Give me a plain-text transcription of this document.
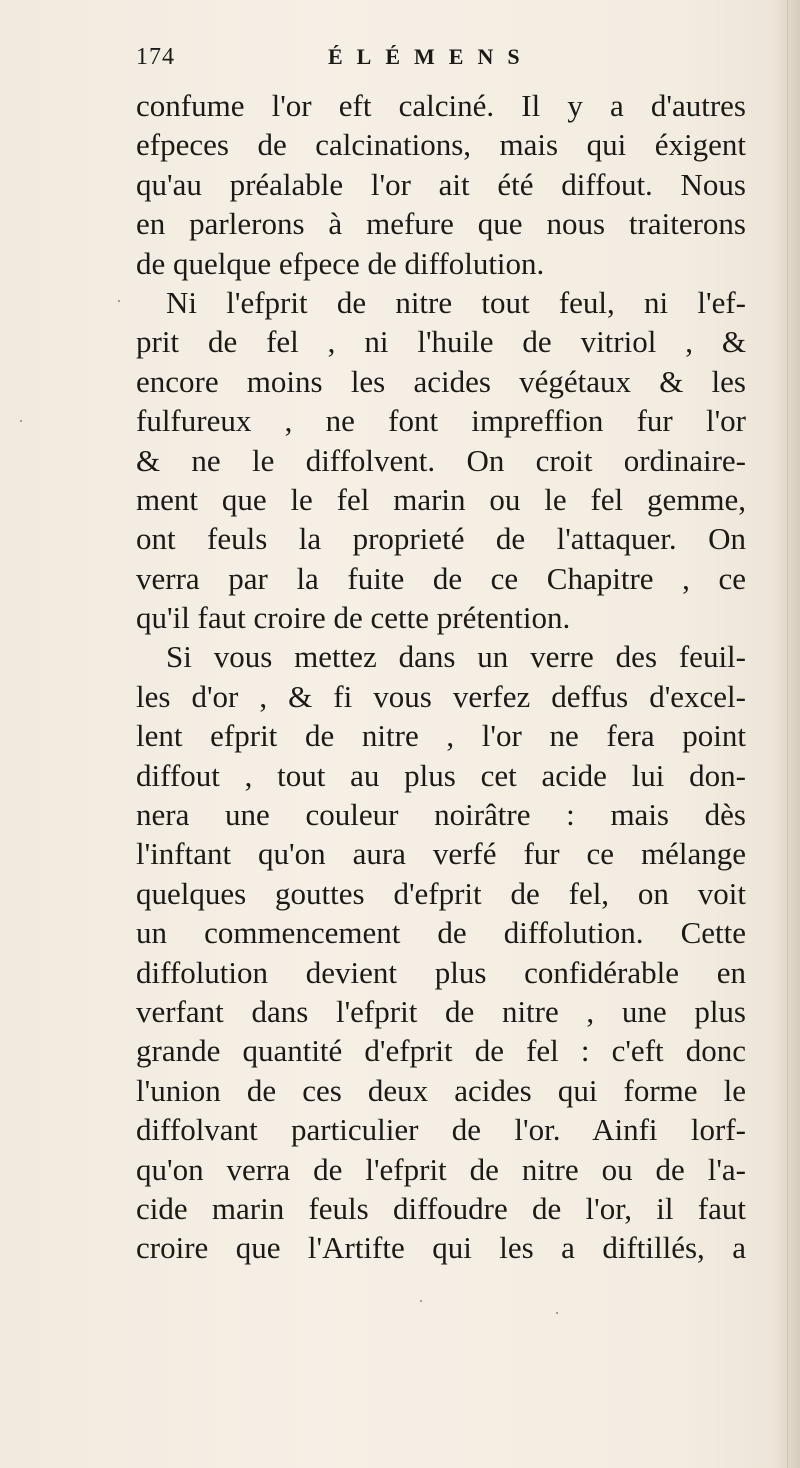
174	ÉLÉMENS
confume l'or eft calciné. Il y a d'autres
efpeces de calcinations, mais qui éxigent
qu'au préalable l'or ait été diffout. Nous
en parlerons à mefure que nous traiterons
de quelque efpece de diffolution.
Ni l'efprit de nitre tout feul, ni l'ef-
prit de fel , ni l'huile de vitriol , &
encore moins les acides végétaux & les
fulfureux , ne font impreffion fur l'or
& ne le diffolvent. On croit ordinaire-
ment que le fel marin ou le fel gemme,
ont feuls la proprieté de l'attaquer. On
verra par la fuite de ce Chapitre , ce
qu'il faut croire de cette prétention.
Si vous mettez dans un verre des feuil-
les d'or , & fi vous verfez deffus d'excel-
lent efprit de nitre , l'or ne fera point
diffout , tout au plus cet acide lui don-
nera une couleur noirâtre : mais dès
l'inftant qu'on aura verfé fur ce mélange
quelques gouttes d'efprit de fel, on voit
un commencement de diffolution. Cette
diffolution devient plus confidérable en
verfant dans l'efprit de nitre , une plus
grande quantité d'efprit de fel : c'eft donc
l'union de ces deux acides qui forme le
diffolvant particulier de l'or. Ainfi lorf-
qu'on verra de l'efprit de nitre ou de l'a-
cide marin feuls diffoudre de l'or, il faut
croire que l'Artifte qui les a diftillés, a
